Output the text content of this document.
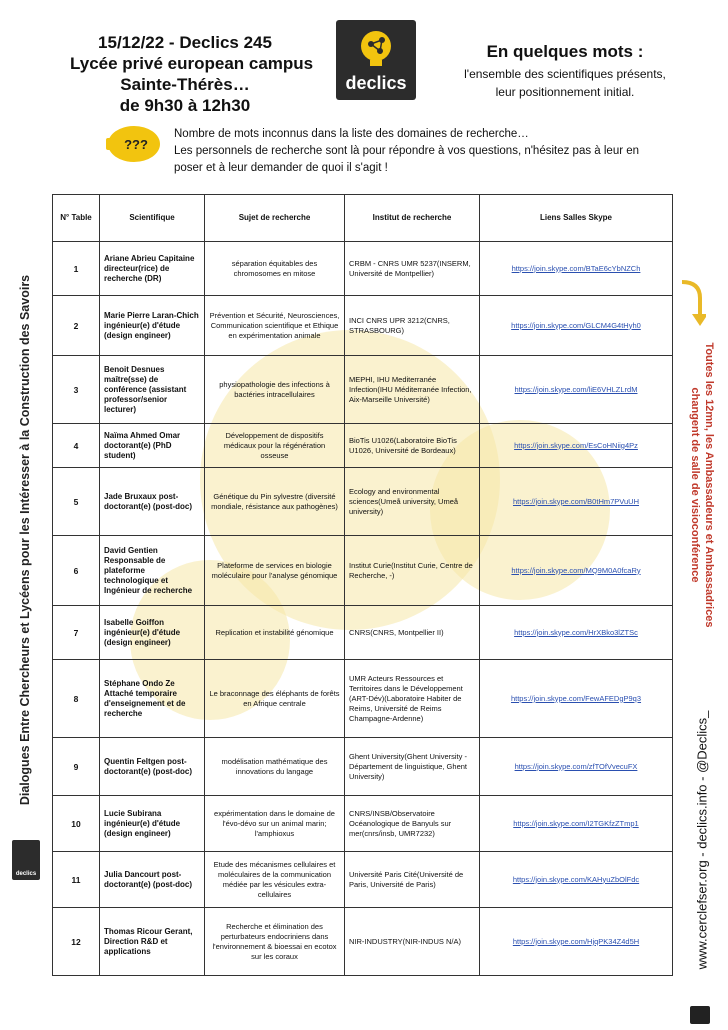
15/12/22 - Declics 245
Lycée privé european campus
Sainte-Thérès…
de 9h30 à 12h30
declics
En quelques mots :
l'ensemble des scientifiques présents,
leur positionnement initial.
???
Nombre de mots inconnus dans la liste des domaines de recherche…
Les personnels de recherche sont là pour répondre à vos questions, n'hésitez pas à leur en
poser et à leur demander de quoi il s'agit !
Dialogues Entre Chercheurs et Lycéens pour les Intéresser à la Construction des Savoirs
declics
Toutes les 12mn, les Ambassadeurs et Ambassadrices
changent de salle de visioconférence
www.cerclefser.org - declics.info - @Declics_
N° Table	Scientifique	Sujet de recherche	Institut de recherche	Liens Salles Skype
1	Ariane Abrieu Capitaine directeur(rice) de recherche (DR)	séparation équitables des chromosomes en mitose	CRBM - CNRS UMR 5237(INSERM, Université de Montpellier)	https://join.skype.com/BTaE6cYbNZCh
2	Marie Pierre Laran-Chich ingénieur(e) d'étude (design engineer)	Prévention et Sécurité, Neurosciences, Communication scientifique et Ethique en expérimentation animale	INCI CNRS UPR 3212(CNRS, STRASBOURG)	https://join.skype.com/GLCM4G4tHyh0
3	Benoit Desnues maître(sse) de conférence (assistant professor/senior lecturer)	physiopathologie des infections à bactéries intracellulaires	MEPHI, IHU Mediterranée Infection(IHU Méditerranée Infection, Aix-Marseille Université)	https://join.skype.com/liE6VHLZLrdM
4	Naïma Ahmed Omar doctorant(e) (PhD student)	Développement de dispositifs médicaux pour la régénération osseuse	BioTis U1026(Laboratoire BioTis U1026, Université de Bordeaux)	https://join.skype.com/EsCoHNiig4Pz
5	Jade Bruxaux post-doctorant(e) (post-doc)	Génétique du Pin sylvestre (diversité mondiale, résistance aux pathogènes)	Ecology and environmental sciences(Umeå university, Umeå university)	https://join.skype.com/B0tHm7PVuUH
6	David Gentien Responsable de plateforme technologique et Ingénieur de recherche	Plateforme de services en biologie moléculaire pour l'analyse génomique	Institut Curie(Institut Curie, Centre de Recherche, -)	https://join.skype.com/MQ9M0A0fcaRy
7	Isabelle Goiffon ingénieur(e) d'étude (design engineer)	Replication et instabilité génomique	CNRS(CNRS, Montpellier II)	https://join.skype.com/HrXBko3lZTSc
8	Stéphane Ondo Ze Attaché temporaire d'enseignement et de recherche	Le braconnage des éléphants de forêts en Afrique centrale	UMR Acteurs Ressources et Territoires dans le Développement (ART-Dév)(Laboratoire Habiter de Reims, Université de Reims Champagne-Ardenne)	https://join.skype.com/FewAFEDgP9q3
9	Quentin Feltgen post-doctorant(e) (post-doc)	modélisation mathématique des innovations du langage	Ghent University(Ghent University - Département de linguistique, Ghent University)	https://join.skype.com/zfTOfVvecuFX
10	Lucie Subirana ingénieur(e) d'étude (design engineer)	expérimentation dans le domaine de l'évo-dévo sur un animal marin; l'amphioxus	CNRS/INSB/Observatoire Océanologique de Banyuls sur mer(cnrs/insb, UMR7232)	https://join.skype.com/I2TGKfzZTmp1
11	Julia Dancourt post-doctorant(e) (post-doc)	Etude des mécanismes cellulaires et moléculaires de la communication médiée par les vésicules extra-cellulaires	Université Paris Cité(Université de Paris, Université de Paris)	https://join.skype.com/KAHyuZbOlFdc
12	Thomas Ricour Gerant, Direction R&D et applications	Recherche et élimination des perturbateurs endocriniens dans l'environnement & bioessai en ecotox sur les coraux	NIR-INDUSTRY(NIR-INDUS N/A)	https://join.skype.com/HjqPK34Z4d5H
